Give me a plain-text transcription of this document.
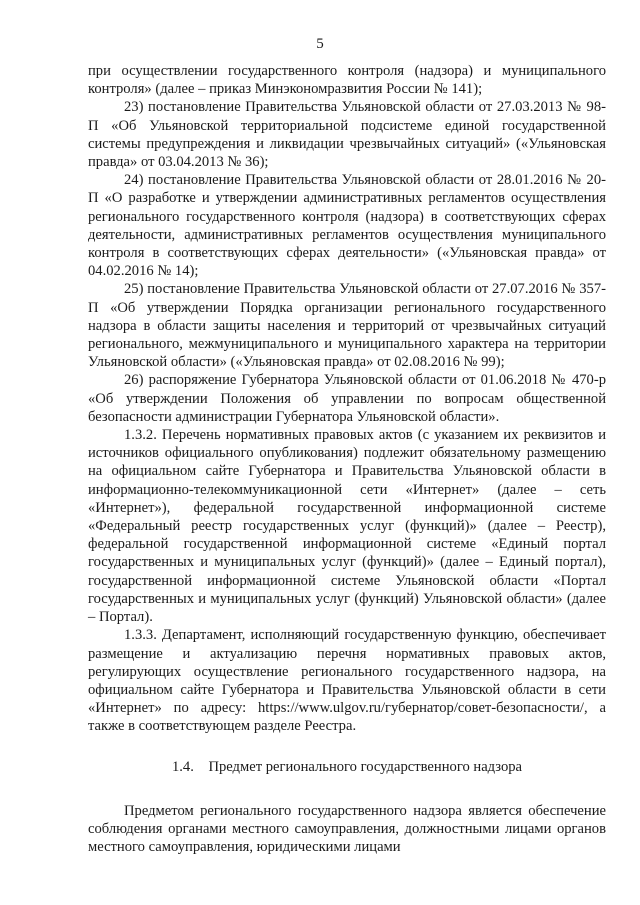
5

при осуществлении государственного контроля (надзора) и муниципального контроля» (далее – приказ Минэкономразвития России № 141);

23) постановление Правительства Ульяновской области от 27.03.2013 № 98-П «Об Ульяновской территориальной подсистеме единой государственной системы предупреждения и ликвидации чрезвычайных ситуаций» («Ульяновская правда» от 03.04.2013 № 36);

24) постановление Правительства Ульяновской области от 28.01.2016 № 20-П «О разработке и утверждении административных регламентов осуществления регионального государственного контроля (надзора) в соответствующих сферах деятельности, административных регламентов осуществления муниципального контроля в соответствующих сферах деятельности» («Ульяновская правда» от 04.02.2016 № 14);

25) постановление Правительства Ульяновской области от 27.07.2016 № 357-П «Об утверждении Порядка организации регионального государственного надзора в области защиты населения и территорий от чрезвычайных ситуаций регионального, межмуниципального и муниципального характера на территории Ульяновской области» («Ульяновская правда» от 02.08.2016 № 99);

26) распоряжение Губернатора Ульяновской области от 01.06.2018 № 470-р «Об утверждении Положения об управлении по вопросам общественной безопасности администрации Губернатора Ульяновской области».

1.3.2. Перечень нормативных правовых актов (с указанием их реквизитов и источников официального опубликования) подлежит обязательному размещению на официальном сайте Губернатора и Правительства Ульяновской области в информационно-телекоммуникационной сети «Интернет» (далее – сеть «Интернет»), федеральной государственной информационной системе «Федеральный реестр государственных услуг (функций)» (далее – Реестр), федеральной государственной информационной системе «Единый портал государственных и муниципальных услуг (функций)» (далее – Единый портал), государственной информационной системе Ульяновской области «Портал государственных и муниципальных услуг (функций) Ульяновской области» (далее – Портал).

1.3.3. Департамент, исполняющий государственную функцию, обеспечивает размещение и актуализацию перечня нормативных правовых актов, регулирующих осуществление регионального государственного надзора, на официальном сайте Губернатора и Правительства Ульяновской области в сети «Интернет» по адресу: https://www.ulgov.ru/губернатор/совет-безопасности/, а также в соответствующем разделе Реестра.

1.4. Предмет регионального государственного надзора

Предметом регионального государственного надзора является обеспечение соблюдения органами местного самоуправления, должностными лицами органов местного самоуправления, юридическими лицами
